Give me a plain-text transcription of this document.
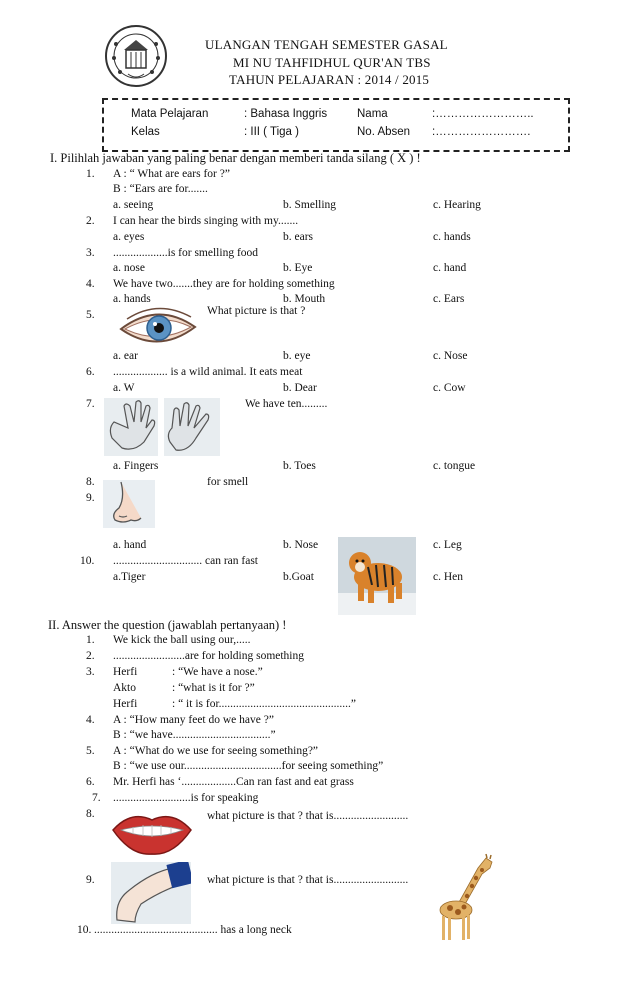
ULANGAN TENGAH SEMESTER GASAL
MI NU TAHFIDHUL QUR'AN TBS
TAHUN PELAJARAN : 2014 / 2015
Mata Pelajaran	: Bahasa Inggris	Nama	:……………………..
Kelas	: III ( Tiga )	No. Absen :…………………….
I. Pilihlah jawaban yang paling benar dengan memberi tanda silang ( X ) !
1. A : “ What are ears for ?”
B : “Ears are for.......
a. seeing	b. Smelling	c. Hearing
2. I can hear the birds singing with my.......
a. eyes	b. ears	c. hands
3. ...................is for smelling food
a. nose	b. Eye	c. hand
4. We have two.......they are for holding something
a. hands	b. Mouth	c. Ears
5.	What picture is that ?
a. ear	b. eye	c. Nose
6. ................... is a wild animal. It eats meat
a. W	b. Dear	c. Cow
7.	We have ten.........
a. Fingers	b. Toes	c. tongue
8.	for smell
9.
a. hand	b. Nose	c. Leg
10. ............................... can ran fast
a.Tiger	b.Goat	c. Hen
II. Answer the question (jawablah pertanyaan) !
1. We kick the ball using our,.....
2. .........................are for holding something
3. Herfi	: “We have a nose.”
Akto	: “what is it for ?”
Herfi	: “ it is for..............................................”
4. A : “How many feet do we have ?”
B : “we have..................................”
5. A : “What do we use for seeing something?”
B : “we use our..................................for seeing something”
6. Mr. Herfi has ‘...................Can ran fast and eat grass
7. ...........................is for speaking
8.	what picture is that ? that is..........................
9.	what picture is that ? that is..........................
10. ........................................... has a long neck
